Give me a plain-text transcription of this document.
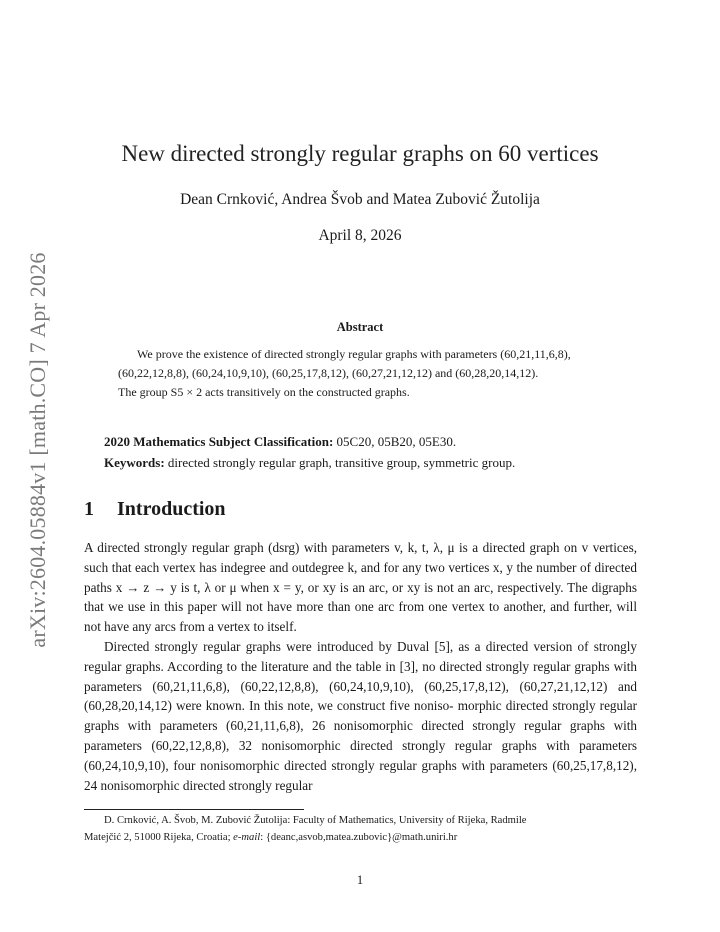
arXiv:2604.05884v1 [math.CO] 7 Apr 2026
New directed strongly regular graphs on 60 vertices
Dean Crnković, Andrea Švob and Matea Zubović Žutolija
April 8, 2026
Abstract
We prove the existence of directed strongly regular graphs with parameters (60,21,11,6,8),
(60,22,12,8,8), (60,24,10,9,10), (60,25,17,8,12), (60,27,21,12,12) and (60,28,20,14,12).
The group S5 × 2 acts transitively on the constructed graphs.
2020 Mathematics Subject Classification: 05C20, 05B20, 05E30.
Keywords: directed strongly regular graph, transitive group, symmetric group.
1 Introduction

A directed strongly regular graph (dsrg) with parameters v, k, t, λ, μ is a directed graph on v vertices, such that each vertex has indegree and outdegree k, and for any two vertices x, y the number of directed paths x → z → y is t, λ or μ when x = y, or xy is an arc, or xy is not an arc, respectively. The digraphs that we use in this paper will not have more than one arc from one vertex to another, and further, will not have any arcs from a vertex to itself.

Directed strongly regular graphs were introduced by Duval [5], as a directed version of strongly regular graphs. According to the literature and the table in [3], no directed strongly regular graphs with parameters (60,21,11,6,8), (60,22,12,8,8), (60,24,10,9,10), (60,25,17,8,12), (60,27,21,12,12) and (60,28,20,14,12) were known. In this note, we construct five noniso- morphic directed strongly regular graphs with parameters (60,21,11,6,8), 26 nonisomorphic directed strongly regular graphs with parameters (60,22,12,8,8), 32 nonisomorphic directed strongly regular graphs with parameters (60,24,10,9,10), four nonisomorphic directed strongly regular graphs with parameters (60,25,17,8,12), 24 nonisomorphic directed strongly regular

D. Crnković, A. Švob, M. Zubović Žutolija: Faculty of Mathematics, University of Rijeka, Radmile
Matejčić 2, 51000 Rijeka, Croatia; e-mail: {deanc,asvob,matea.zubovic}@math.uniri.hr
1
